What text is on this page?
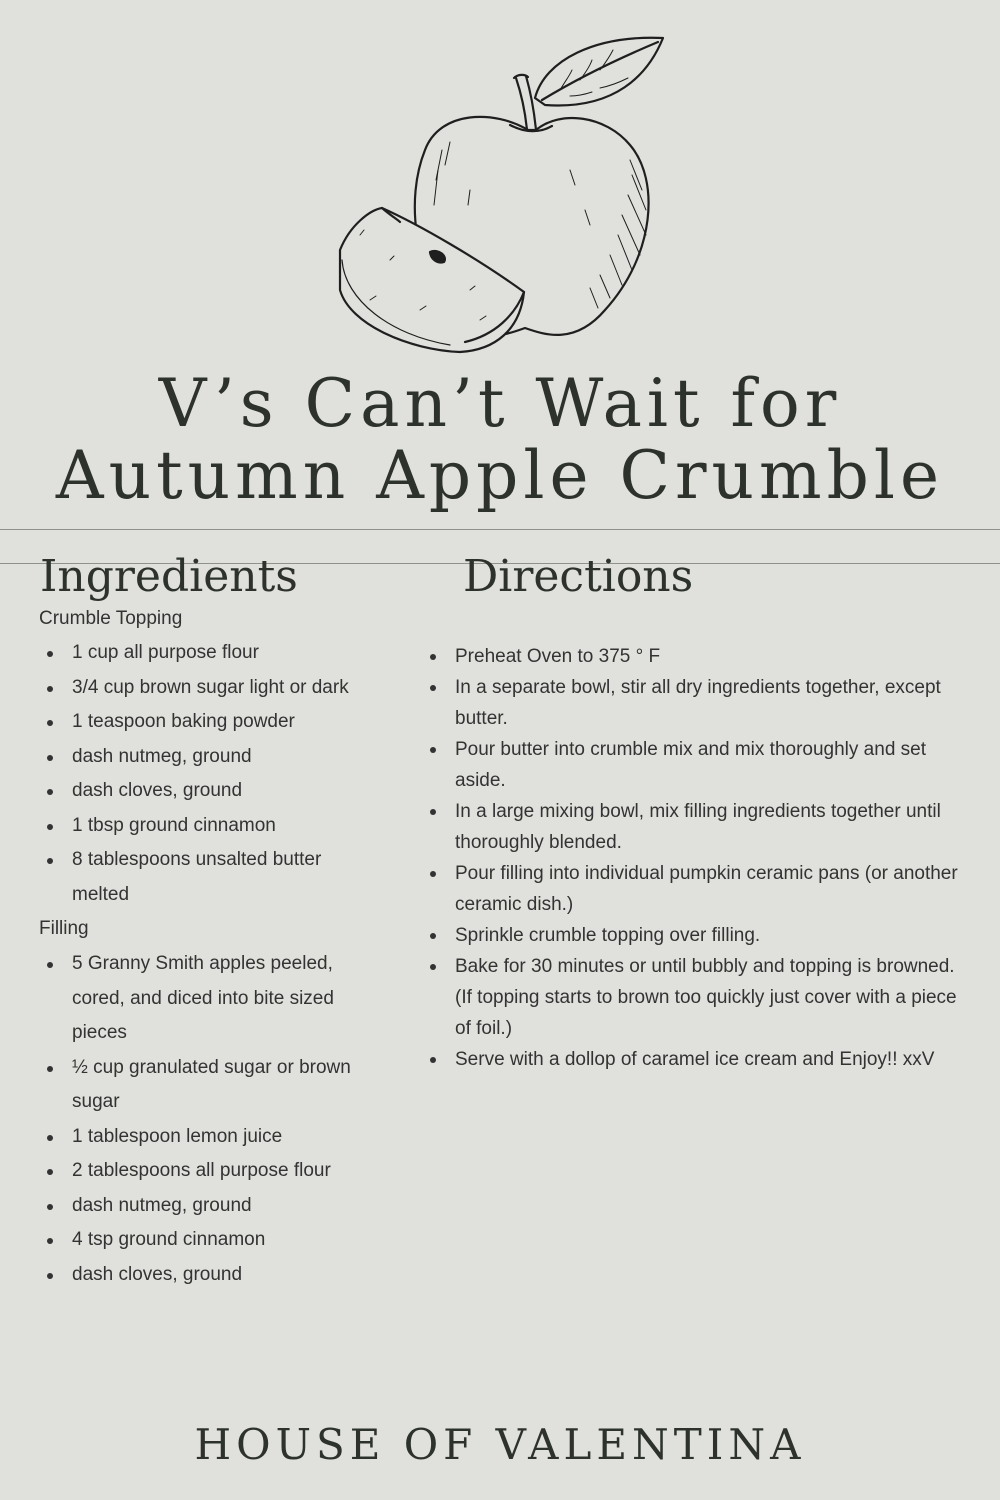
V’s Can’t Wait for
Autumn Apple Crumble
Ingredients	Directions
Crumble Topping
1 cup all purpose flour
3/4 cup brown sugar light or dark
1 teaspoon baking powder
dash nutmeg, ground
dash cloves, ground
1 tbsp ground cinnamon
8 tablespoons unsalted butter
melted
Filling
5 Granny Smith apples peeled,
cored, and diced into bite sized
pieces
½ cup granulated sugar or brown
sugar
1 tablespoon lemon juice
2 tablespoons all purpose flour
dash nutmeg, ground
4 tsp ground cinnamon
dash cloves, ground
Preheat Oven to 375 ° F
In a separate bowl, stir all dry ingredients together, except butter.
Pour butter into crumble mix and mix thoroughly and set aside.
In a large mixing bowl, mix filling ingredients together until thoroughly blended.
Pour filling into individual pumpkin ceramic pans (or another ceramic dish.)
Sprinkle crumble topping over filling.
Bake for 30 minutes or until bubbly and topping is browned. (If topping starts to brown too quickly just cover with a piece of foil.)
Serve with a dollop of caramel ice cream and Enjoy!! xxV
HOUSE OF VALENTINA
